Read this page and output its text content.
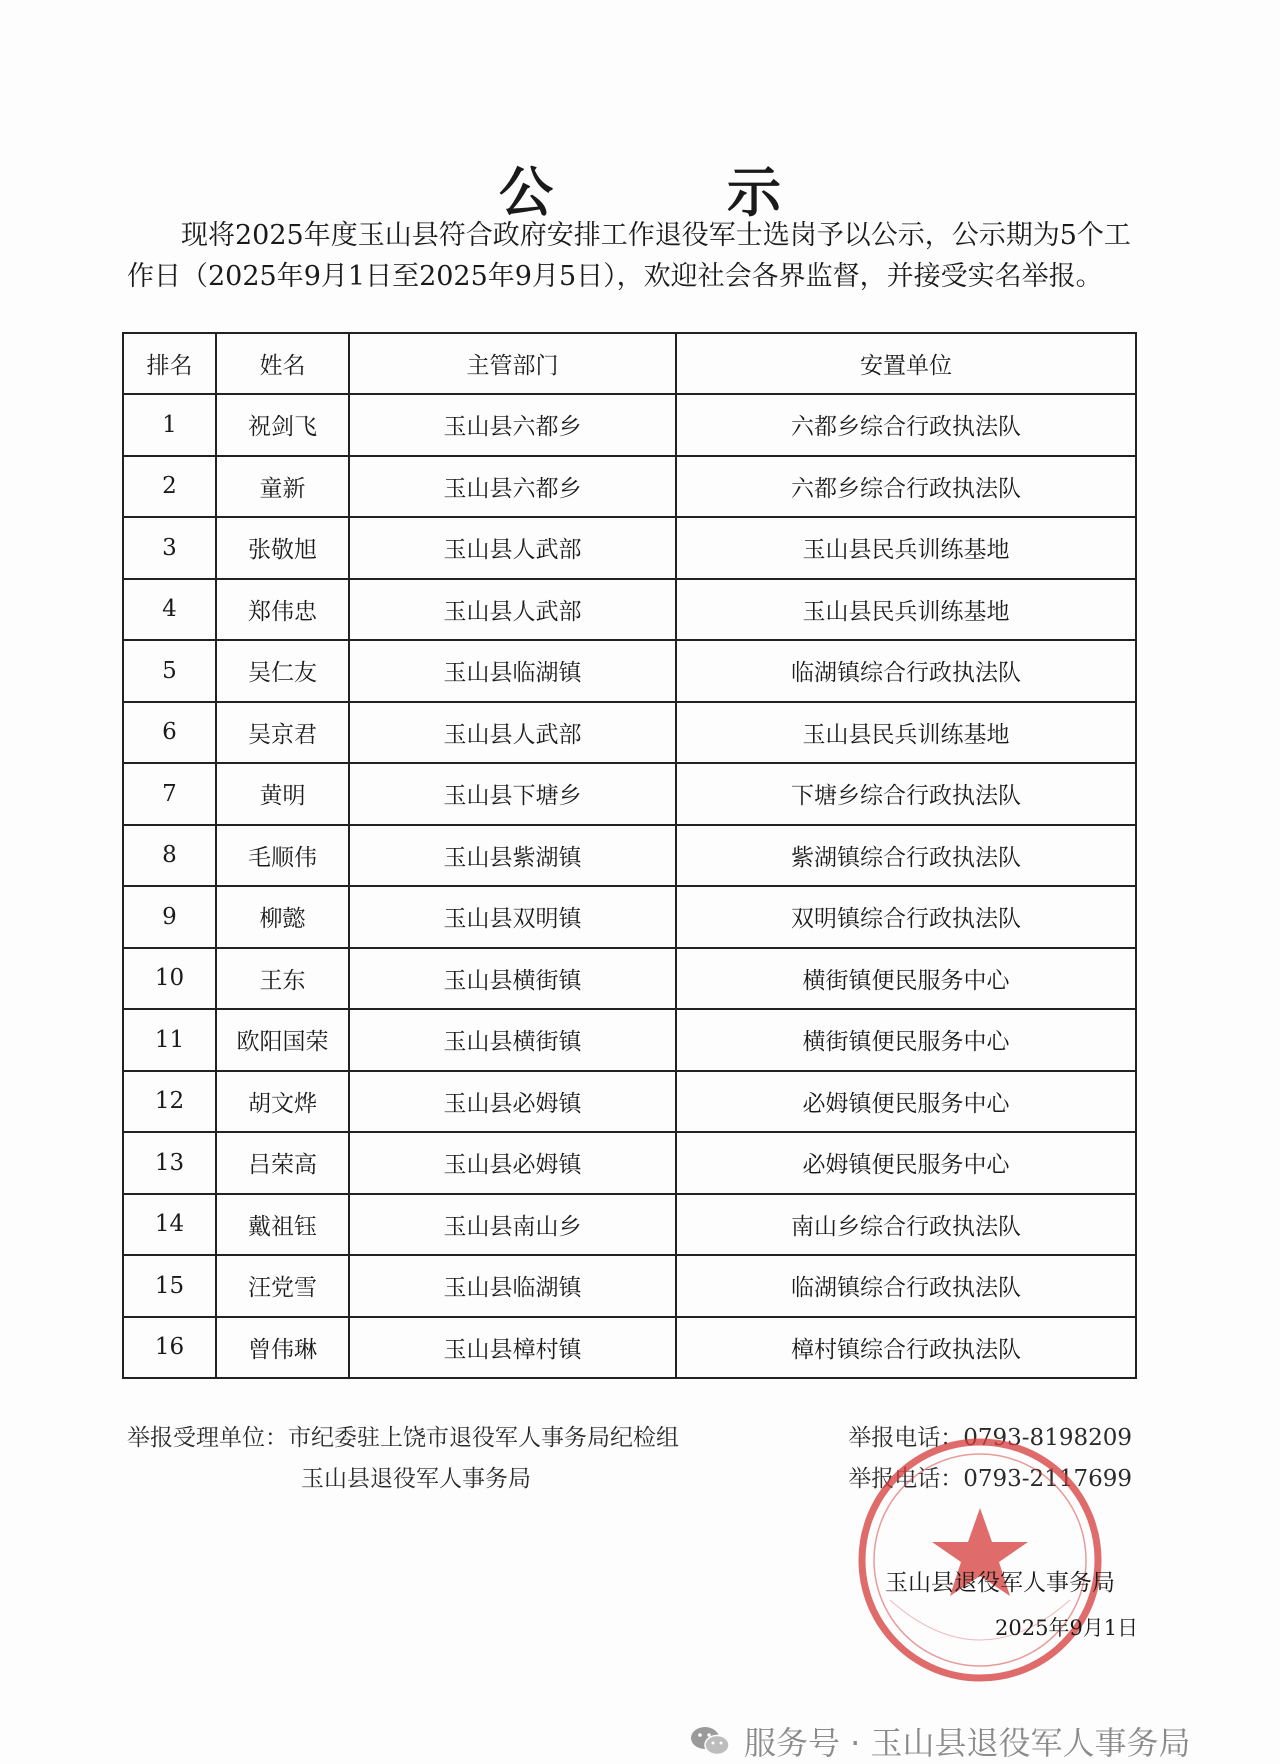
公　示
现将2025年度玉山县符合政府安排工作退役军士选岗予以公示，公示期为5个工作日（2025年9月1日至2025年9月5日），欢迎社会各界监督，并接受实名举报。
排名	姓名	主管部门	安置单位
1	祝剑飞	玉山县六都乡	六都乡综合行政执法队
2	童新	玉山县六都乡	六都乡综合行政执法队
3	张敬旭	玉山县人武部	玉山县民兵训练基地
4	郑伟忠	玉山县人武部	玉山县民兵训练基地
5	吴仁友	玉山县临湖镇	临湖镇综合行政执法队
6	吴京君	玉山县人武部	玉山县民兵训练基地
7	黄明	玉山县下塘乡	下塘乡综合行政执法队
8	毛顺伟	玉山县紫湖镇	紫湖镇综合行政执法队
9	柳懿	玉山县双明镇	双明镇综合行政执法队
10	王东	玉山县横街镇	横街镇便民服务中心
11	欧阳国荣	玉山县横街镇	横街镇便民服务中心
12	胡文烨	玉山县必姆镇	必姆镇便民服务中心
13	吕荣高	玉山县必姆镇	必姆镇便民服务中心
14	戴祖钰	玉山县南山乡	南山乡综合行政执法队
15	汪党雪	玉山县临湖镇	临湖镇综合行政执法队
16	曾伟琳	玉山县樟村镇	樟村镇综合行政执法队
举报受理单位：市纪委驻上饶市退役军人事务局纪检组
玉山县退役军人事务局
举报电话：0793-8198209
举报电话：0793-2117699
玉山县退役军人事务局
2025年9月1日
服务号 · 玉山县退役军人事务局
